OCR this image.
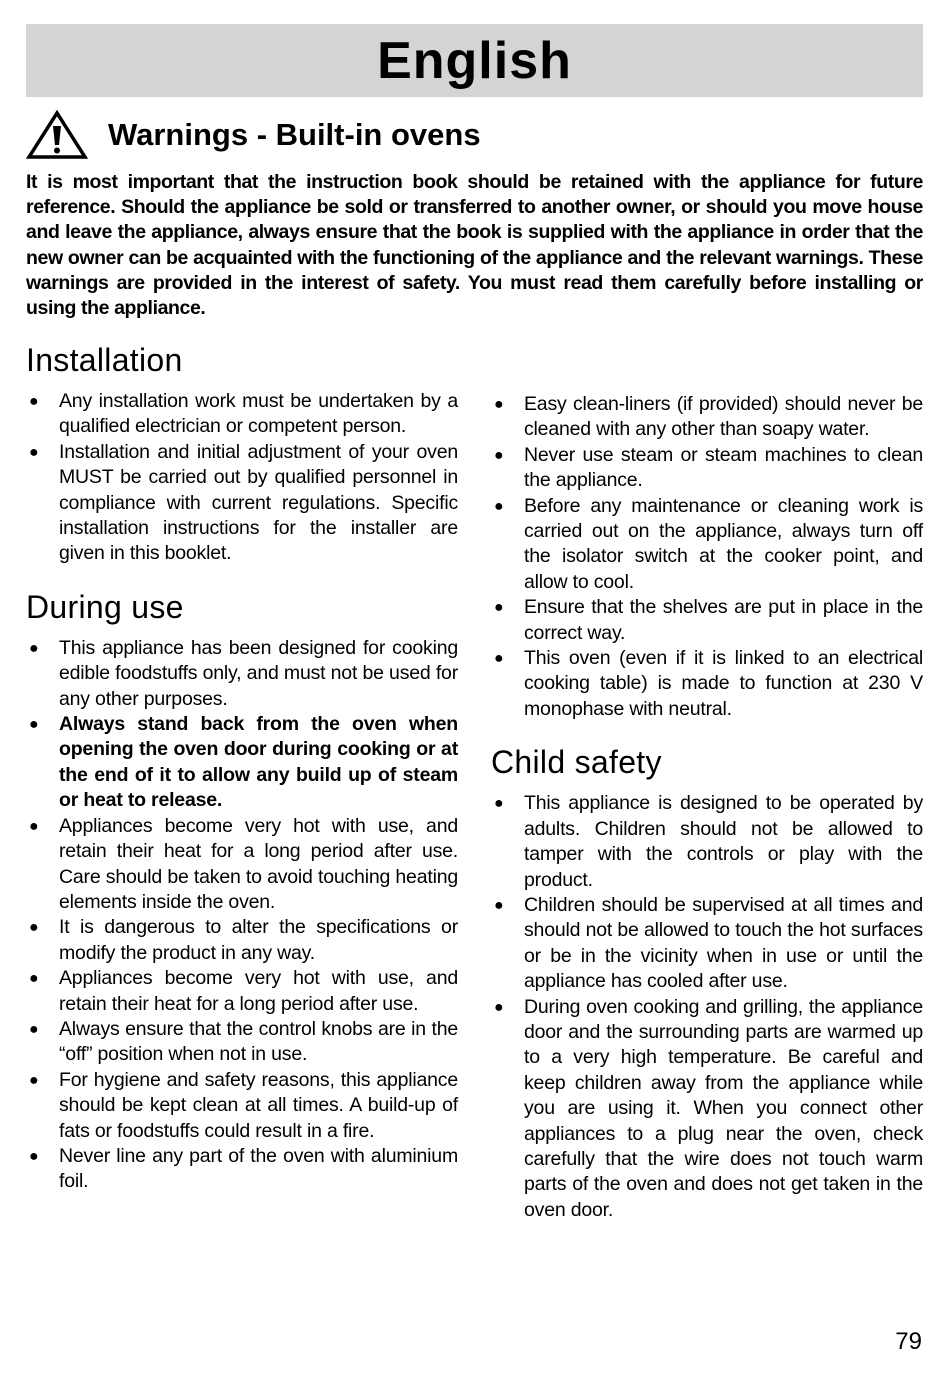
English
Warnings - Built-in ovens

It is most important that the instruction book should be retained with the appliance for future reference. Should the appliance be sold or transferred to another owner, or should you move house and leave the appliance, always ensure that the book is supplied with the appliance in order that the new owner can be acquainted with the functioning of the appliance and the relevant warnings. These warnings are provided in the interest of safety. You must read them carefully before installing or using the appliance.

Installation
● Any installation work must be undertaken by a qualified electrician or competent person.
● Installation and initial adjustment of your oven MUST be carried out by qualified personnel in compliance with current regulations. Specific installation instructions for the installer are given in this booklet.
During use
● This appliance has been designed for cooking edible foodstuffs only, and must not be used for any other purposes.
● Always stand back from the oven when opening the oven door during cooking or at the end of it to allow any build up of steam or heat to release.
● Appliances become very hot with use, and retain their heat for a long period after use. Care should be taken to avoid touching heating elements inside the oven.
● It is dangerous to alter the specifications or modify the product in any way.
● Appliances become very hot with use, and retain their heat for a long period after use.
● Always ensure that the control knobs are in the “off” position when not in use.
● For hygiene and safety reasons, this appliance should be kept clean at all times. A build-up of fats or foodstuffs could result in a fire.
● Never line any part of the oven with aluminium foil.
● Easy clean-liners (if provided) should never be cleaned with any other than soapy water.
● Never use steam or steam machines to clean the appliance.
● Before any maintenance or cleaning work is carried out on the appliance, always turn off the isolator switch at the cooker point, and allow to cool.
● Ensure that the shelves are put in place in the correct way.
● This oven (even if it is linked to an electrical cooking table) is made to function at 230 V monophase with neutral.
Child safety
● This appliance is designed to be operated by adults. Children should not be allowed to tamper with the controls or play with the product.
● Children should be supervised at all times and should not be allowed to touch the hot surfaces or be in the vicinity when in use or until the appliance has cooled after use.
● During oven cooking and grilling, the appliance door and the surrounding parts are warmed up to a very high temperature. Be careful and keep children away from the appliance while you are using it. When you connect other appliances to a plug near the oven, check carefully that the wire does not touch warm parts of the oven and does not get taken in the oven door.
79
